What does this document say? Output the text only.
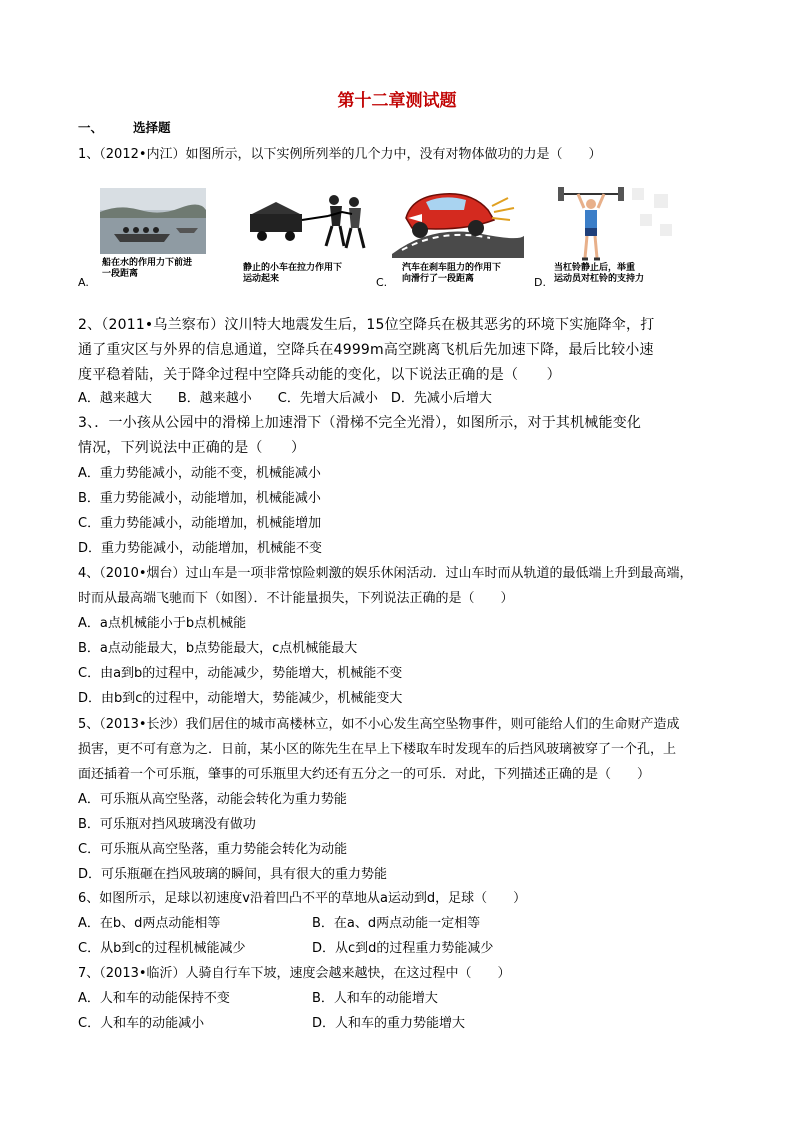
第十二章测试题
一、 选择题
1、（2012•内江）如图所示，以下实例所列举的几个力中，没有对物体做功的力是（　　）
A.
船在水的作用力下前进
一段距离
静止的小车在拉力作用下
运动起来	C.
汽车在刹车阻力的作用下
向滑行了一段距离	D.
当杠铃静止后，举重
运动员对杠铃的支持力
2、（2011•乌兰察布）汶川特大地震发生后，15位空降兵在极其恶劣的环境下实施降伞，打
通了重灾区与外界的信息通道，空降兵在4999m高空跳离飞机后先加速下降，最后比较小速
度平稳着陆，关于降伞过程中空降兵动能的变化，以下说法正确的是（　　）
A．越来越大　　B．越来越小　　C．先增大后减小　D．先减小后增大
3、．一小孩从公园中的滑梯上加速滑下（滑梯不完全光滑），如图所示，对于其机械能变化
情况，下列说法中正确的是（　　）
A．重力势能减小，动能不变，机械能减小
B．重力势能减小，动能增加，机械能减小
C．重力势能减小，动能增加，机械能增加
D．重力势能减小，动能增加，机械能不变
4、（2010•烟台）过山车是一项非常惊险刺激的娱乐休闲活动．过山车时而从轨道的最低端上升到最高端，
时而从最高端飞驰而下（如图）．不计能量损失，下列说法正确的是（　　）
A．a点机械能小于b点机械能
B．a点动能最大，b点势能最大，c点机械能最大
C．由a到b的过程中，动能减少，势能增大，机械能不变
D．由b到c的过程中，动能增大，势能减少，机械能变大
5、（2013•长沙）我们居住的城市高楼林立，如不小心发生高空坠物事件，则可能给人们的生命财产造成
损害，更不可有意为之．日前，某小区的陈先生在早上下楼取车时发现车的后挡风玻璃被穿了一个孔，上
面还插着一个可乐瓶，肇事的可乐瓶里大约还有五分之一的可乐．对此，下列描述正确的是（　　）
A．可乐瓶从高空坠落，动能会转化为重力势能
B．可乐瓶对挡风玻璃没有做功
C．可乐瓶从高空坠落，重力势能会转化为动能
D．可乐瓶砸在挡风玻璃的瞬间，具有很大的重力势能
6、如图所示，足球以初速度v沿着凹凸不平的草地从a运动到d，足球（　　）
A．在b、d两点动能相等	B．在a、d两点动能一定相等
C．从b到c的过程机械能减少	D．从c到d的过程重力势能减少
7、（2013•临沂）人骑自行车下坡，速度会越来越快，在这过程中（　　）
A．人和车的动能保持不变	B．人和车的动能增大
C．人和车的动能减小	D．人和车的重力势能增大
